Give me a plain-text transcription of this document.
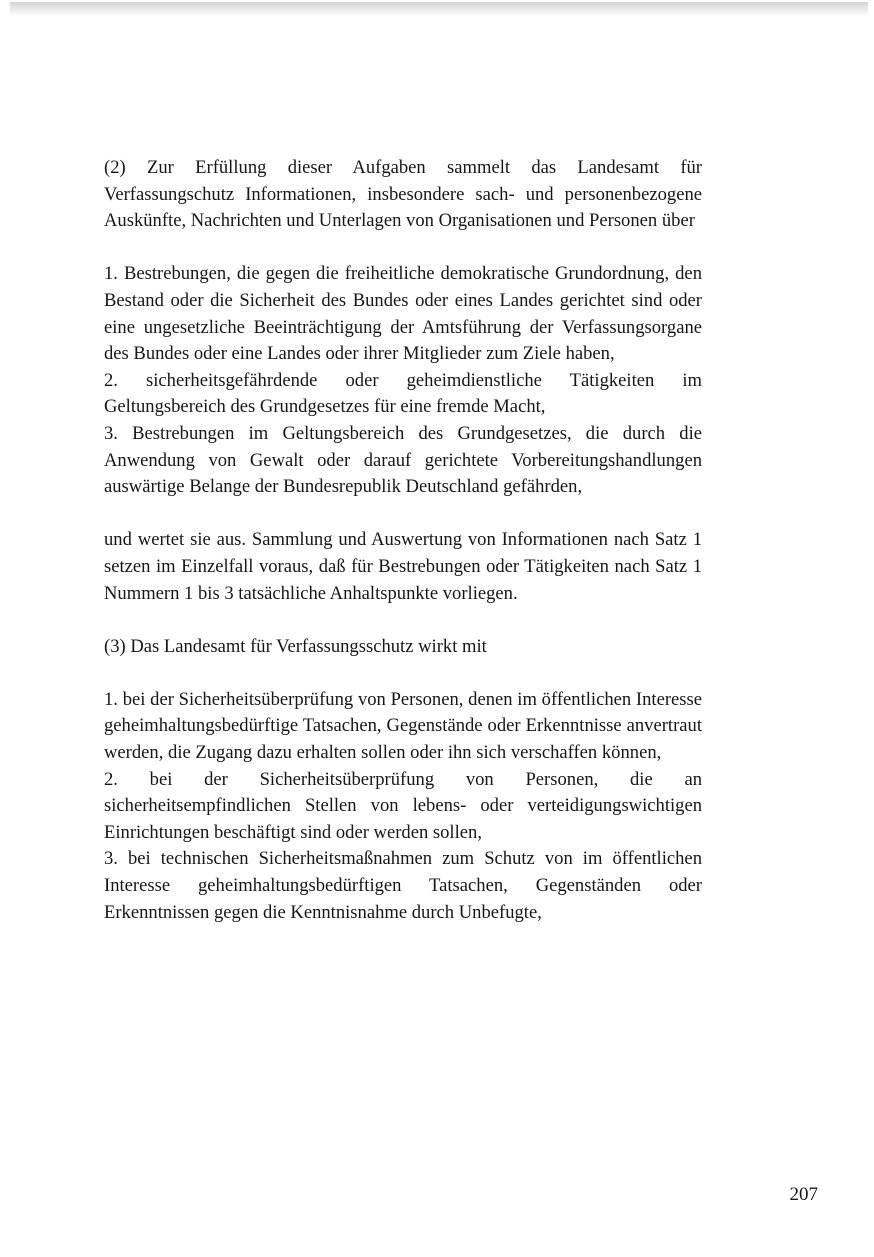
(2) Zur Erfüllung dieser Aufgaben sammelt das Landesamt für Verfassungschutz Informationen, insbesondere sach- und personenbezogene Auskünfte, Nachrichten und Unterlagen von Organisationen und Personen über

1. Bestrebungen, die gegen die freiheitliche demokratische Grundordnung, den Bestand oder die Sicherheit des Bundes oder eines Landes gerichtet sind oder eine ungesetzliche Beeinträchtigung der Amtsführung der Verfassungsorgane des Bundes oder eine Landes oder ihrer Mitglieder zum Ziele haben,

2. sicherheitsgefährdende oder geheimdienstliche Tätigkeiten im Geltungsbereich des Grundgesetzes für eine fremde Macht,

3. Bestrebungen im Geltungsbereich des Grundgesetzes, die durch die Anwendung von Gewalt oder darauf gerichtete Vorbereitungshandlungen auswärtige Belange der Bundesrepublik Deutschland gefährden,

und wertet sie aus. Sammlung und Auswertung von Informationen nach Satz 1 setzen im Einzelfall voraus, daß für Bestrebungen oder Tätigkeiten nach Satz 1 Nummern 1 bis 3 tatsächliche Anhaltspunkte vorliegen.

(3) Das Landesamt für Verfassungsschutz wirkt mit

1. bei der Sicherheitsüberprüfung von Personen, denen im öffentlichen Interesse geheimhaltungsbedürftige Tatsachen, Gegenstände oder Erkenntnisse anvertraut werden, die Zugang dazu erhalten sollen oder ihn sich verschaffen können,

2. bei der Sicherheitsüberprüfung von Personen, die an sicherheitsempfindlichen Stellen von lebens- oder verteidigungswichtigen Einrichtungen beschäftigt sind oder werden sollen,

3. bei technischen Sicherheitsmaßnahmen zum Schutz von im öffentlichen Interesse geheimhaltungsbedürftigen Tatsachen, Gegenständen oder Erkenntnissen gegen die Kenntnisnahme durch Unbefugte,

207
